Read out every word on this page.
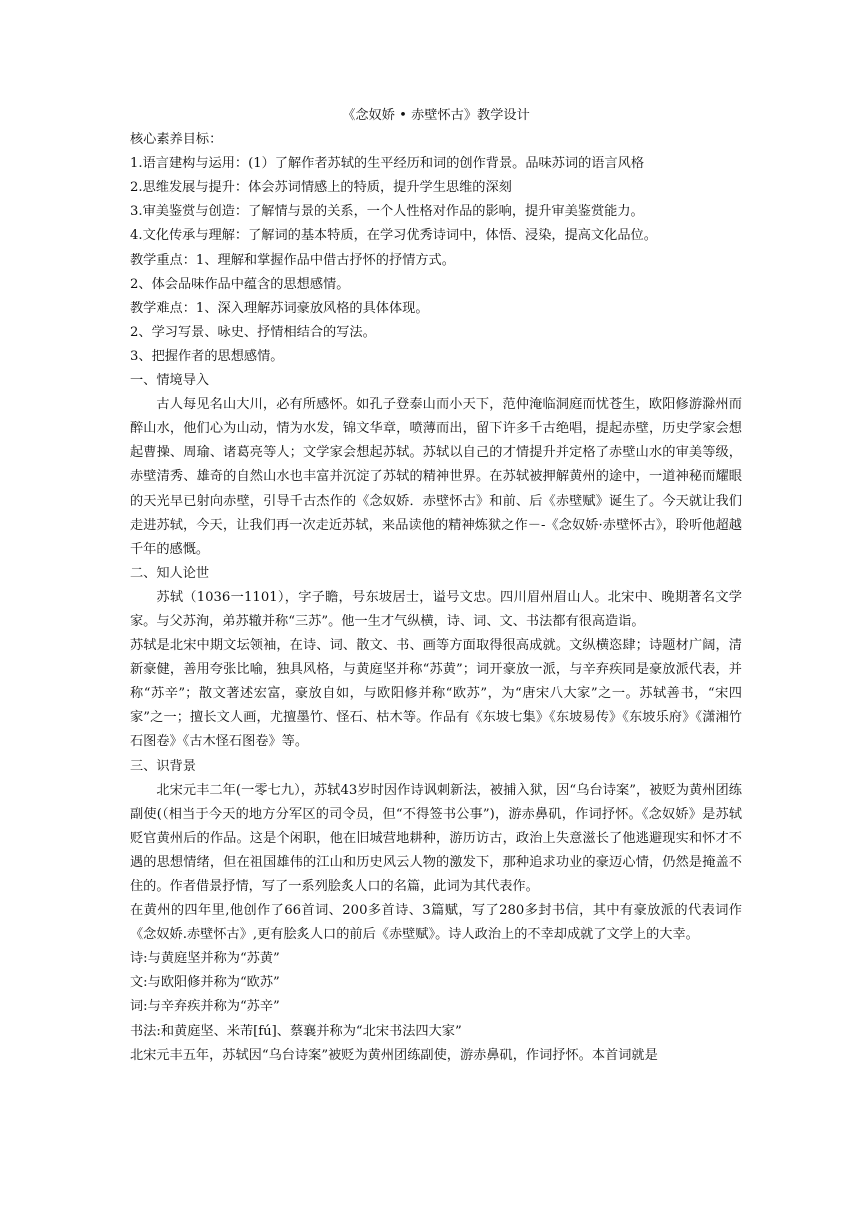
《念奴娇 • 赤壁怀古》教学设计

核心素养目标：

1.语言建构与运用：(1）了解作者苏轼的生平经历和词的创作背景。品味苏词的语言风格

2.思维发展与提升：体会苏词情感上的特质，提升学生思维的深刻

3.审美鉴赏与创造：了解情与景的关系，一个人性格对作品的影响，提升审美鉴赏能力。

4.文化传承与理解：了解词的基本特质，在学习优秀诗词中，体悟、浸染，提高文化品位。

教学重点：1、理解和掌握作品中借古抒怀的抒情方式。

2、体会品味作品中蕴含的思想感情。

教学难点：1、深入理解苏词豪放风格的具体体现。

2、学习写景、咏史、抒情相结合的写法。

3、把握作者的思想感情。

一、情境导入

古人每见名山大川，必有所感怀。如孔子登泰山而小天下，范仲淹临洞庭而忧苍生，欧阳修游滁州而醉山水，他们心为山动，情为水发，锦文华章，喷薄而出，留下许多千古绝唱，提起赤壁，历史学家会想起曹操、周瑜、诸葛亮等人；文学家会想起苏轼。苏轼以自己的才情提升并定格了赤壁山水的审美等级，赤壁清秀、雄奇的自然山水也丰富并沉淀了苏轼的精神世界。在苏轼被押解黄州的途中，一道神秘而耀眼的天光早已射向赤壁，引导千古杰作的《念奴娇．赤壁怀古》和前、后《赤壁赋》诞生了。今天就让我们走进苏轼，今天，让我们再一次走近苏轼，来品读他的精神炼狱之作－-《念奴娇·赤壁怀古》，聆听他超越千年的感慨。

二、知人论世

苏轼（1036一1101），字子瞻，号东坡居士，谥号文忠。四川眉州眉山人。北宋中、晚期著名文学家。与父苏洵，弟苏辙并称“三苏”。他一生才气纵横，诗、词、文、书法都有很高造诣。

苏轼是北宋中期文坛领袖，在诗、词、散文、书、画等方面取得很高成就。文纵横恣肆；诗题材广阔，清新豪健，善用夸张比喻，独具风格，与黄庭坚并称“苏黄”；词开豪放一派，与辛弃疾同是豪放派代表，并称“苏辛”；散文著述宏富，豪放自如，与欧阳修并称“欧苏”，为“唐宋八大家”之一。苏轼善书，“宋四家”之一；擅长文人画，尤擅墨竹、怪石、枯木等。作品有《东坡七集》《东坡易传》《东坡乐府》《潇湘竹石图卷》《古木怪石图卷》等。

三、识背景

北宋元丰二年(一零七九），苏轼43岁时因作诗讽刺新法，被捕入狱，因“乌台诗案”，被贬为黄州团练副使(（相当于今天的地方分军区的司令员，但“不得签书公事”)，游赤鼻矶，作词抒怀。《念奴娇》是苏轼贬官黄州后的作品。这是个闲职，他在旧城营地耕种，游历访古，政治上失意滋长了他逃避现实和怀才不遇的思想情绪，但在祖国雄伟的江山和历史风云人物的激发下，那种追求功业的豪迈心情，仍然是掩盖不住的。作者借景抒情，写了一系列脍炙人口的名篇，此词为其代表作。

在黄州的四年里,他创作了66首词、200多首诗、3篇赋，写了280多封书信，其中有豪放派的代表词作《念奴娇.赤壁怀古》,更有脍炙人口的前后《赤壁赋》。诗人政治上的不幸却成就了文学上的大幸。

诗:与黄庭坚并称为“苏黄”

文:与欧阳修并称为“欧苏”

词:与辛弃疾并称为“苏辛”

书法:和黄庭坚、米芾[fú]、蔡襄并称为“北宋书法四大家”

北宋元丰五年，苏轼因“乌台诗案”被贬为黄州团练副使，游赤鼻矶，作词抒怀。本首词就是
